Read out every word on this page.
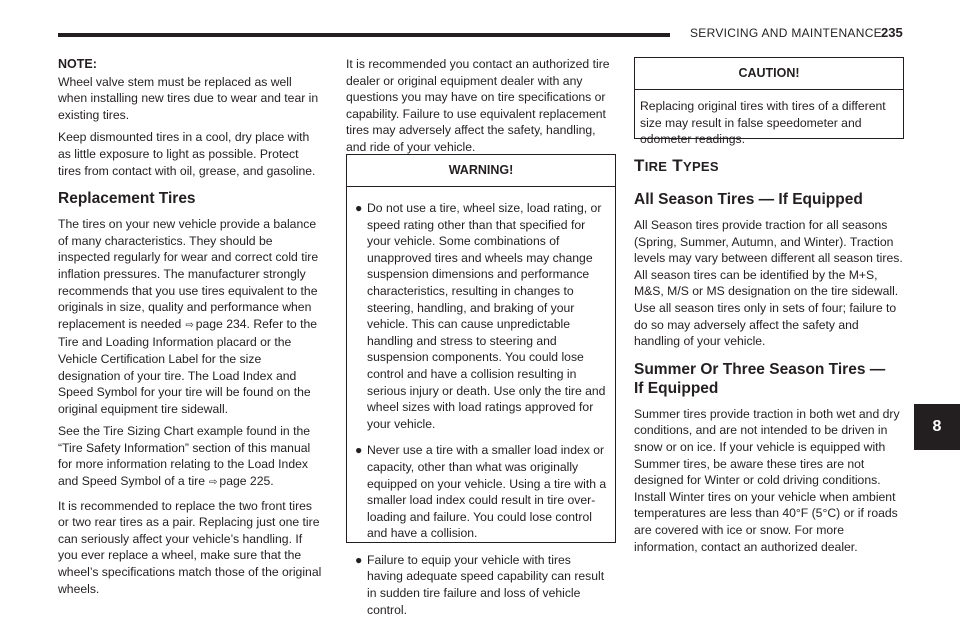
SERVICING AND MAINTENANCE 235
NOTE:

Wheel valve stem must be replaced as well when installing new tires due to wear and tear in existing tires.

Keep dismounted tires in a cool, dry place with as little exposure to light as possible. Protect tires from contact with oil, grease, and gasoline.

Replacement Tires

The tires on your new vehicle provide a balance of many characteristics. They should be inspected regularly for wear and correct cold tire inflation pressures. The manufacturer strongly recommends that you use tires equivalent to the originals in size, quality and performance when replacement is needed ⇨ page 234. Refer to the Tire and Loading Information placard or the Vehicle Certification Label for the size designation of your tire. The Load Index and Speed Symbol for your tire will be found on the original equipment tire sidewall.

See the Tire Sizing Chart example found in the “Tire Safety Information” section of this manual for more information relating to the Load Index and Speed Symbol of a tire ⇨ page 225.

It is recommended to replace the two front tires or two rear tires as a pair. Replacing just one tire can seriously affect your vehicle’s handling. If you ever replace a wheel, make sure that the wheel’s specifications match those of the original wheels.

It is recommended you contact an authorized tire dealer or original equipment dealer with any questions you may have on tire specifications or capability. Failure to use equivalent replacement tires may adversely affect the safety, handling, and ride of your vehicle.

WARNING!
● Do not use a tire, wheel size, load rating, or speed rating other than that specified for your vehicle. Some combinations of unapproved tires and wheels may change suspension dimensions and performance characteristics, resulting in changes to steering, handling, and braking of your vehicle. This can cause unpredictable handling and stress to steering and suspension components. You could lose control and have a collision resulting in serious injury or death. Use only the tire and wheel sizes with load ratings approved for your vehicle.
● Never use a tire with a smaller load index or capacity, other than what was originally equipped on your vehicle. Using a tire with a smaller load index could result in tire overloading and failure. You could lose control and have a collision.
● Failure to equip your vehicle with tires having adequate speed capability can result in sudden tire failure and loss of vehicle control.
CAUTION!
Replacing original tires with tires of a different size may result in false speedometer and odometer readings.
TIRE TYPES
All Season Tires — If Equipped

All Season tires provide traction for all seasons (Spring, Summer, Autumn, and Winter). Traction levels may vary between different all season tires. All season tires can be identified by the M+S, M&S, M/S or MS designation on the tire sidewall. Use all season tires only in sets of four; failure to do so may adversely affect the safety and handling of your vehicle.

Summer Or Three Season Tires —
If Equipped

Summer tires provide traction in both wet and dry conditions, and are not intended to be driven in snow or on ice. If your vehicle is equipped with Summer tires, be aware these tires are not designed for Winter or cold driving conditions. Install Winter tires on your vehicle when ambient temperatures are less than 40°F (5°C) or if roads are covered with ice or snow. For more information, contact an authorized dealer.

8
